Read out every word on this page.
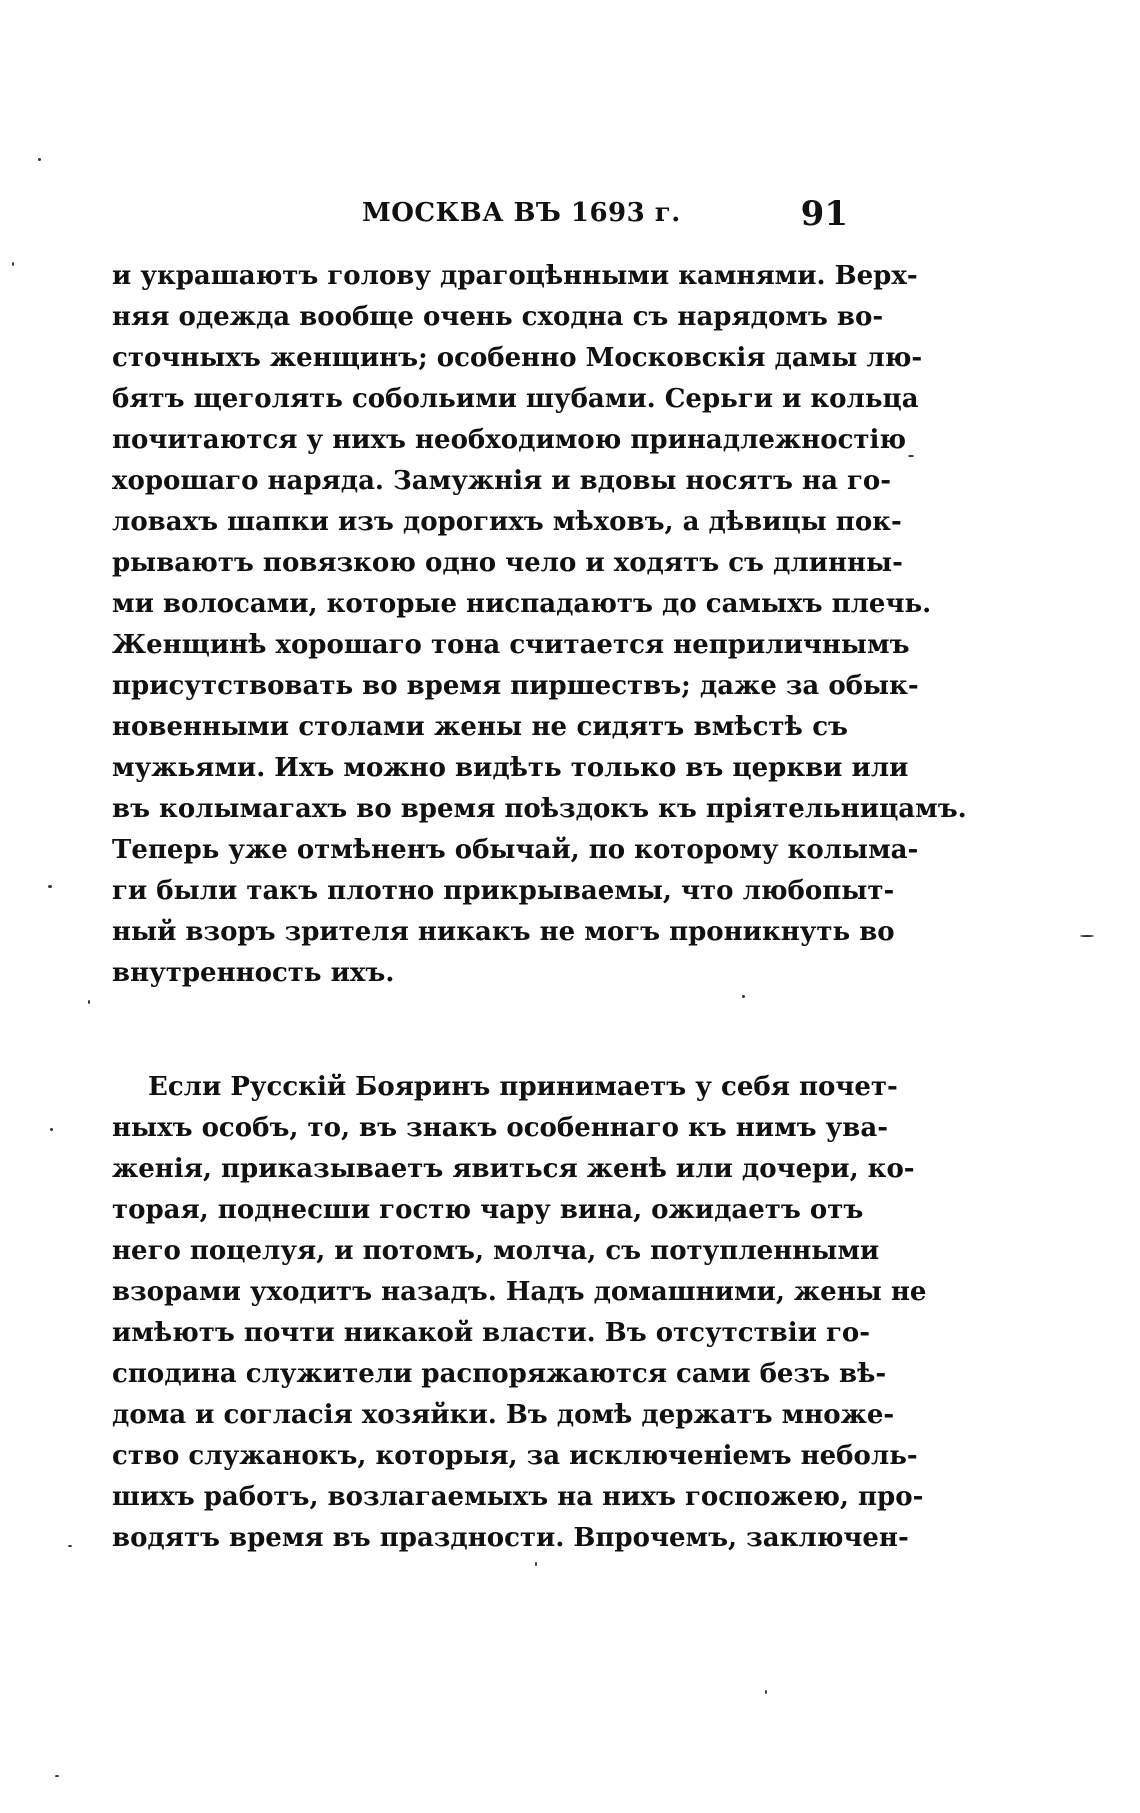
МОСКВА ВЪ 1693 г.	91
и украшаютъ голову драгоцѣнными камнями. Верх-
няя одежда вообще очень сходна съ нарядомъ во-
сточныхъ женщинъ; особенно Московскія дамы лю-
бятъ щеголять собольими шубами. Серьги и кольца
почитаются у нихъ необходимою принадлежностію
хорошаго наряда. Замужнія и вдовы носятъ на го-
ловахъ шапки изъ дорогихъ мѣховъ, а дѣвицы пок-
рываютъ повязкою одно чело и ходятъ съ длинны-
ми волосами, которые ниспадаютъ до самыхъ плечь.
Женщинѣ хорошаго тона считается неприличнымъ
присутствовать во время пиршествъ; даже за обык-
новенными столами жены не сидятъ вмѣстѣ съ
мужьями. Ихъ можно видѣть только въ церкви или
въ колымагахъ во время поѣздокъ къ пріятельницамъ.
Теперь уже отмѣненъ обычай, по которому колыма-
ги были такъ плотно прикрываемы, что любопыт-
ный взоръ зрителя никакъ не могъ проникнуть во
внутренность ихъ.
Если Русскій Бояринъ принимаетъ у себя почет-
ныхъ особъ, то, въ знакъ особеннаго къ нимъ ува-
женія, приказываетъ явиться женѣ или дочери, ко-
торая, поднесши гостю чару вина, ожидаетъ отъ
него поцелуя, и потомъ, молча, съ потупленными
взорами уходитъ назадъ. Надъ домашними, жены не
имѣютъ почти никакой власти. Въ отсутствіи го-
сподина служители распоряжаются сами безъ вѣ-
дома и согласія хозяйки. Въ домѣ держатъ множе-
ство служанокъ, которыя, за исключеніемъ неболь-
шихъ работъ, возлагаемыхъ на нихъ госпожею, про-
водятъ время въ праздности. Впрочемъ, заключен-
